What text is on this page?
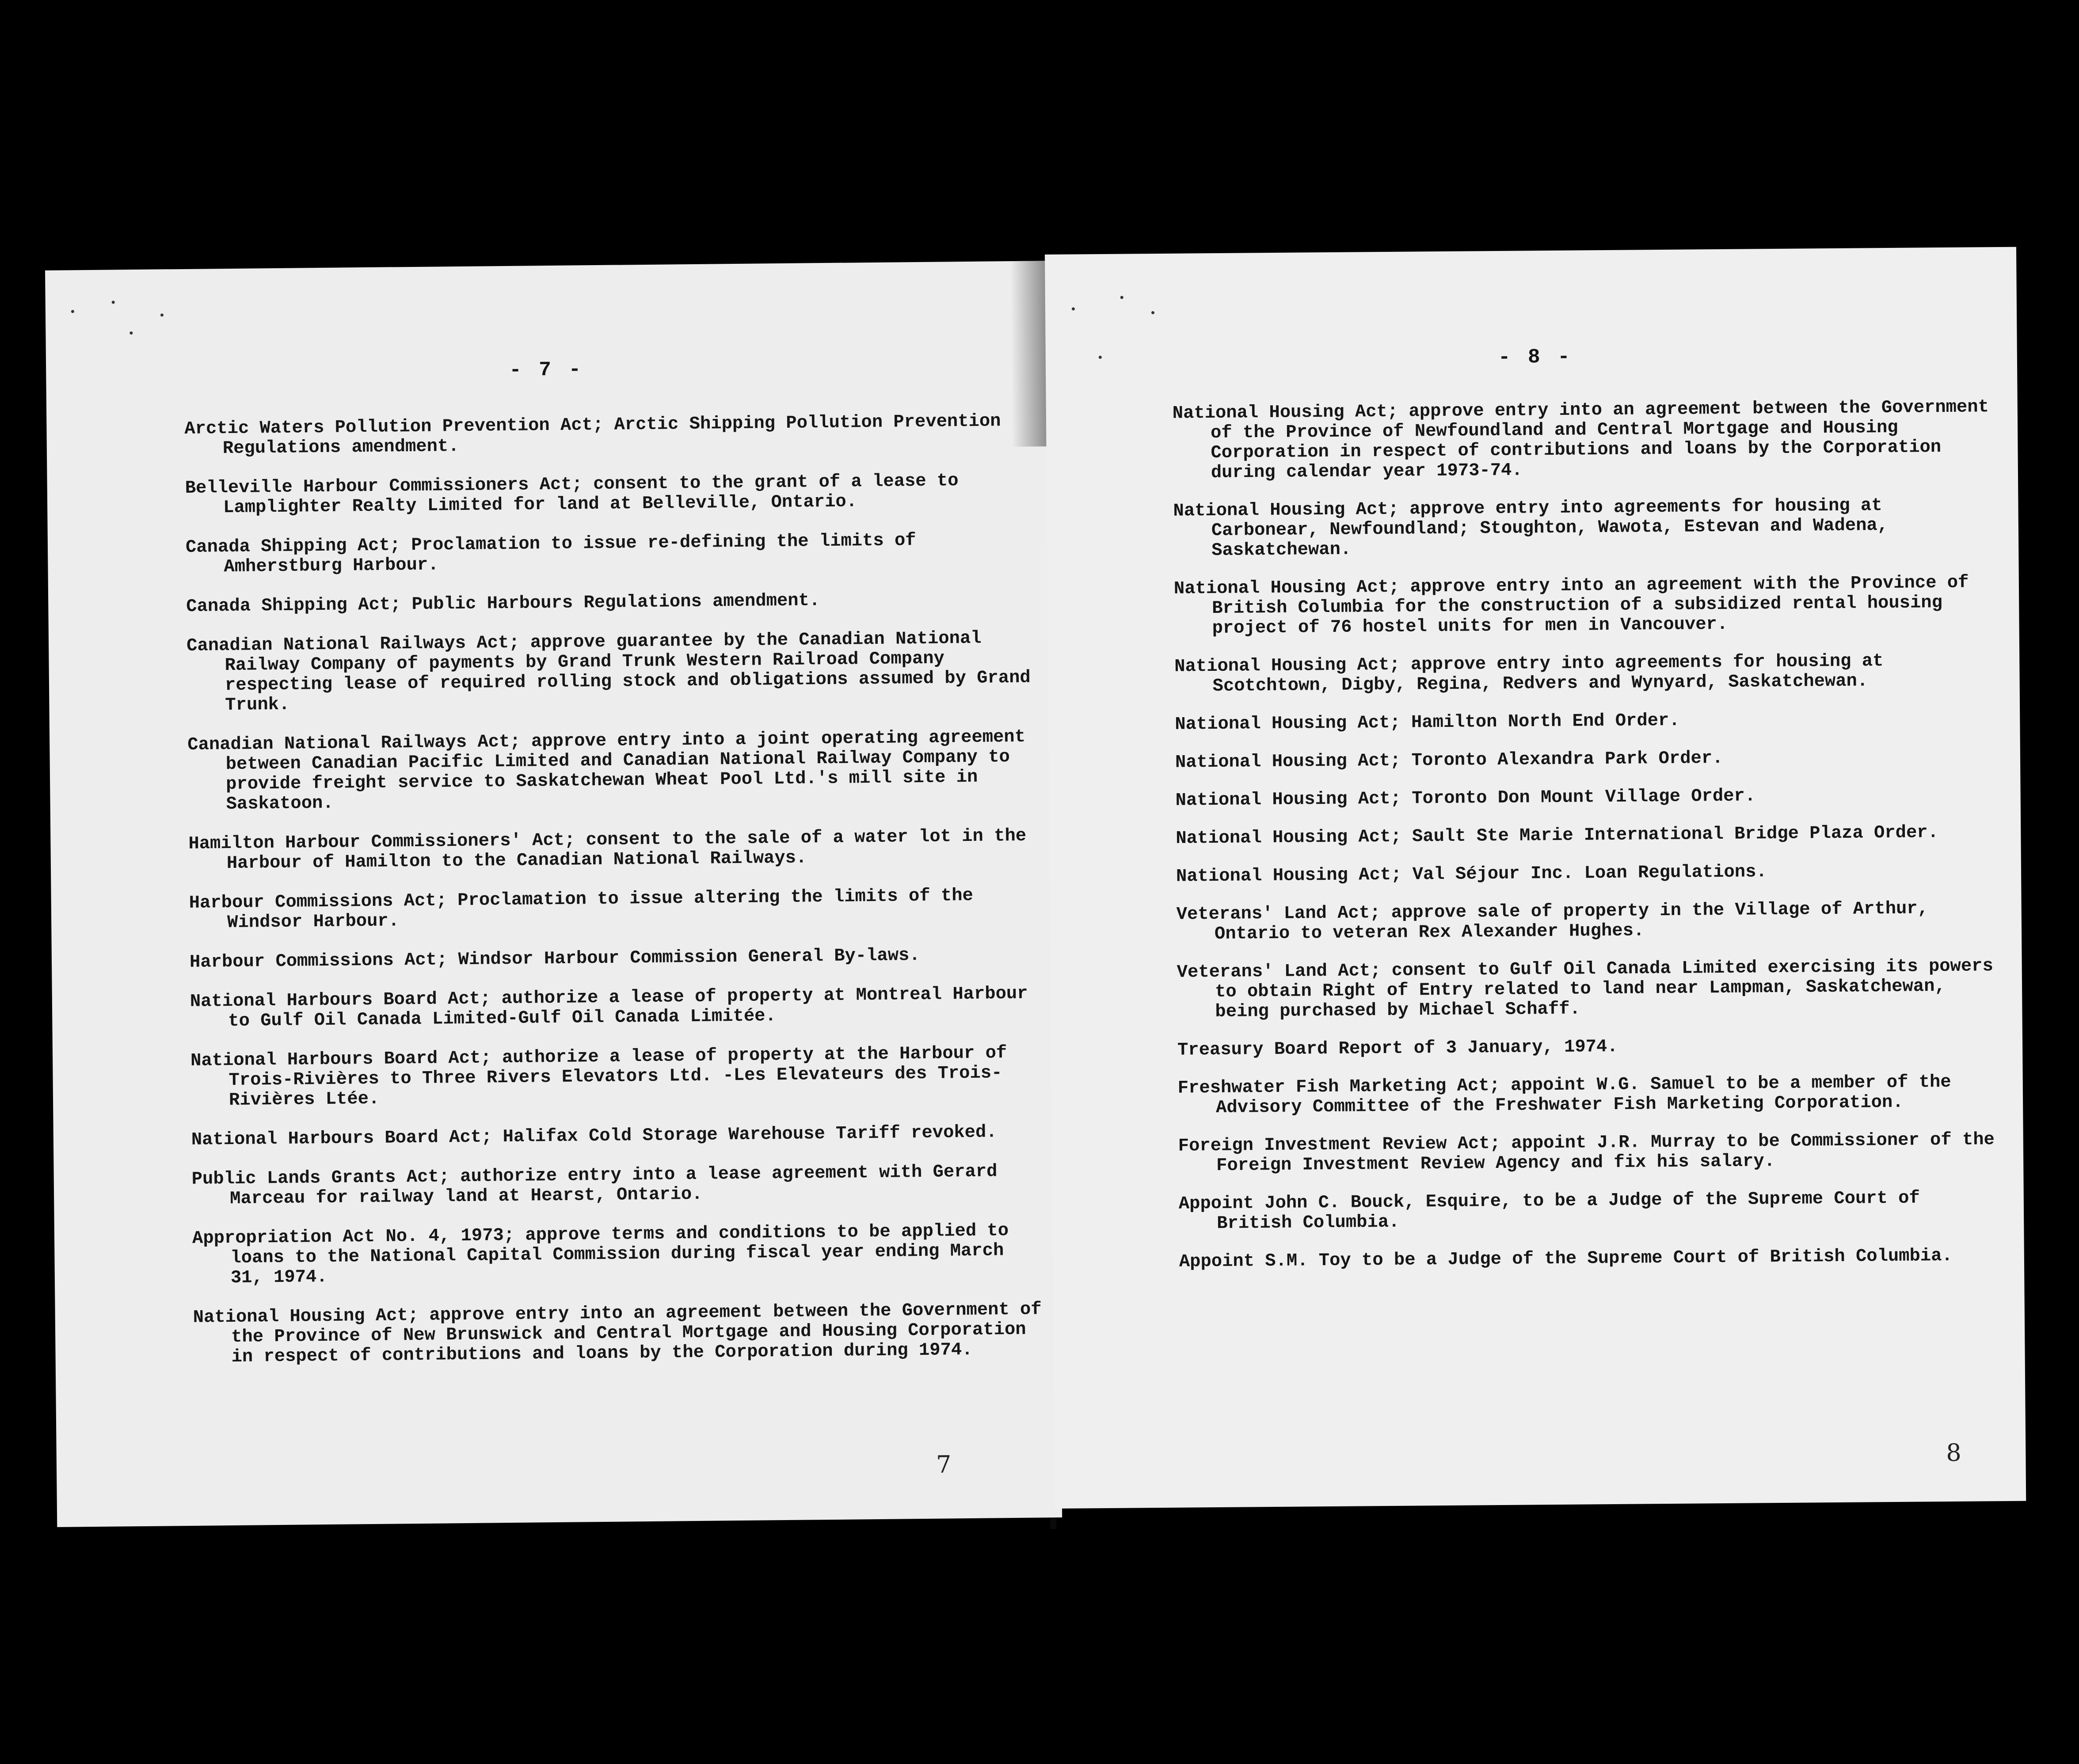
- 7 -
Arctic Waters Pollution Prevention Act; Arctic Shipping Pollution Prevention Regulations amendment.
Belleville Harbour Commissioners Act; consent to the grant of a lease to Lamplighter Realty Limited for land at Belleville, Ontario.
Canada Shipping Act; Proclamation to issue re-defining the limits of Amherstburg Harbour.
Canada Shipping Act; Public Harbours Regulations amendment.
Canadian National Railways Act; approve guarantee by the Canadian National Railway Company of payments by Grand Trunk Western Railroad Company respecting lease of required rolling stock and obligations assumed by Grand Trunk.
Canadian National Railways Act; approve entry into a joint operating agreement between Canadian Pacific Limited and Canadian National Railway Company to provide freight service to Saskatchewan Wheat Pool Ltd.'s mill site in Saskatoon.
Hamilton Harbour Commissioners' Act; consent to the sale of a water lot in the Harbour of Hamilton to the Canadian National Railways.
Harbour Commissions Act; Proclamation to issue altering the limits of the Windsor Harbour.
Harbour Commissions Act; Windsor Harbour Commission General By-laws.
National Harbours Board Act; authorize a lease of property at Montreal Harbour to Gulf Oil Canada Limited-Gulf Oil Canada Limitée.
National Harbours Board Act; authorize a lease of property at the Harbour of Trois-Rivières to Three Rivers Elevators Ltd. -Les Elevateurs des Trois-Rivières Ltée.
National Harbours Board Act; Halifax Cold Storage Warehouse Tariff revoked.
Public Lands Grants Act; authorize entry into a lease agreement with Gerard Marceau for railway land at Hearst, Ontario.
Appropriation Act No. 4, 1973; approve terms and conditions to be applied to loans to the National Capital Commission during fiscal year ending March 31, 1974.
National Housing Act; approve entry into an agreement between the Government of the Province of New Brunswick and Central Mortgage and Housing Corporation in respect of contributions and loans by the Corporation during 1974.
7
- 8 -
National Housing Act; approve entry into an agreement between the Government of the Province of Newfoundland and Central Mortgage and Housing Corporation in respect of contributions and loans by the Corporation during calendar year 1973-74.
National Housing Act; approve entry into agreements for housing at Carbonear, Newfoundland; Stoughton, Wawota, Estevan and Wadena, Saskatchewan.
National Housing Act; approve entry into an agreement with the Province of British Columbia for the construction of a subsidized rental housing project of 76 hostel units for men in Vancouver.
National Housing Act; approve entry into agreements for housing at Scotchtown, Digby, Regina, Redvers and Wynyard, Saskatchewan.
National Housing Act; Hamilton North End Order.
National Housing Act; Toronto Alexandra Park Order.
National Housing Act; Toronto Don Mount Village Order.
National Housing Act; Sault Ste Marie International Bridge Plaza Order.
National Housing Act; Val Séjour Inc. Loan Regulations.
Veterans' Land Act; approve sale of property in the Village of Arthur, Ontario to veteran Rex Alexander Hughes.
Veterans' Land Act; consent to Gulf Oil Canada Limited exercising its powers to obtain Right of Entry related to land near Lampman, Saskatchewan, being purchased by Michael Schaff.
Treasury Board Report of 3 January, 1974.
Freshwater Fish Marketing Act; appoint W.G. Samuel to be a member of the Advisory Committee of the Freshwater Fish Marketing Corporation.
Foreign Investment Review Act; appoint J.R. Murray to be Commissioner of the Foreign Investment Review Agency and fix his salary.
Appoint John C. Bouck, Esquire, to be a Judge of the Supreme Court of British Columbia.
Appoint S.M. Toy to be a Judge of the Supreme Court of British Columbia.
8
